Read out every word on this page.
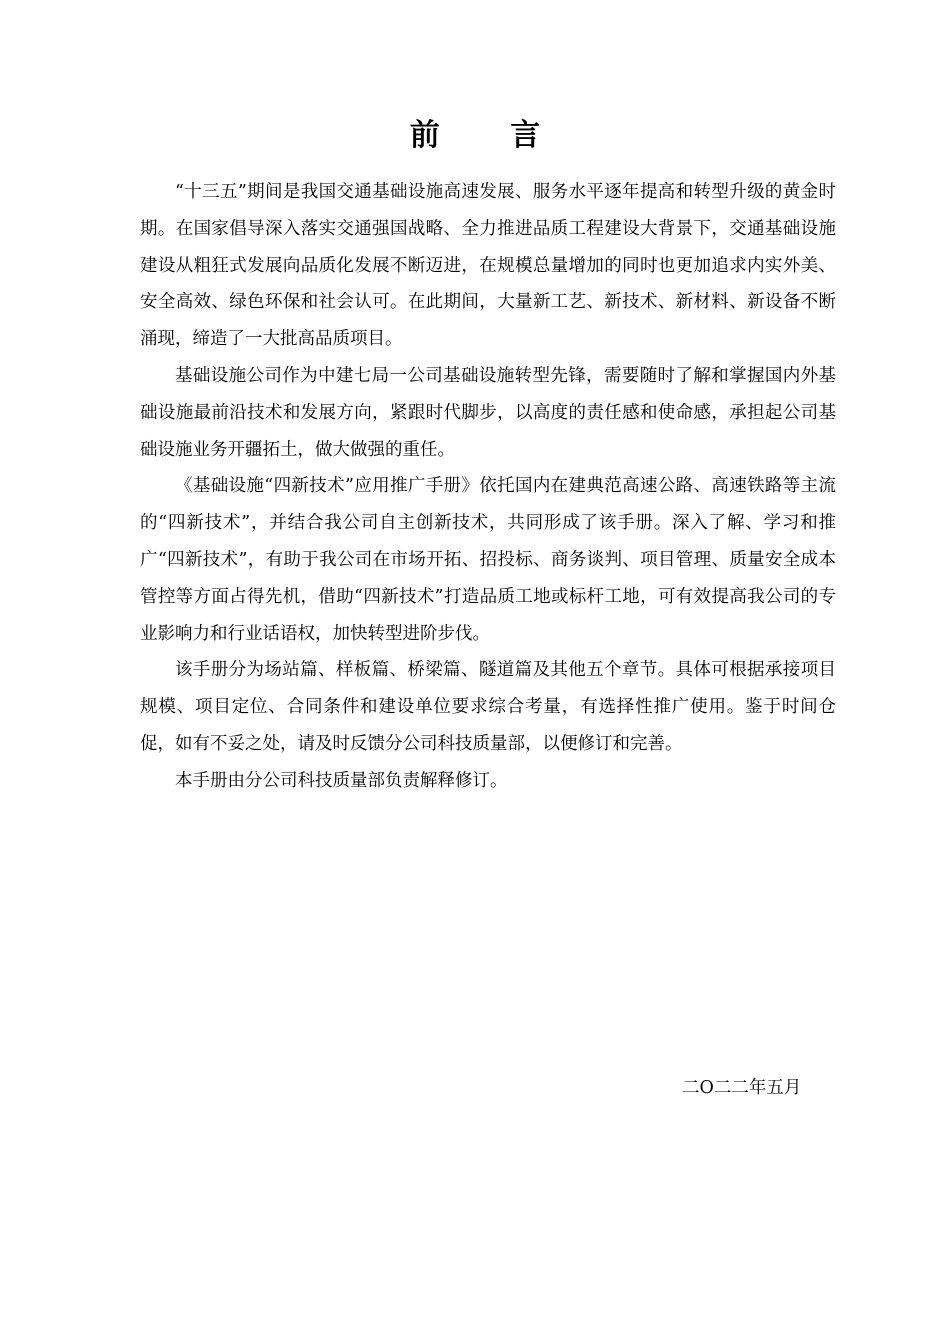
前 言

“十三五”期间是我国交通基础设施高速发展、服务水平逐年提高和转型升级的黄金时期。在国家倡导深入落实交通强国战略、全力推进品质工程建设大背景下，交通基础设施建设从粗狂式发展向品质化发展不断迈进，在规模总量增加的同时也更加追求内实外美、安全高效、绿色环保和社会认可。在此期间，大量新工艺、新技术、新材料、新设备不断涌现，缔造了一大批高品质项目。

基础设施公司作为中建七局一公司基础设施转型先锋，需要随时了解和掌握国内外基础设施最前沿技术和发展方向，紧跟时代脚步，以高度的责任感和使命感，承担起公司基础设施业务开疆拓土，做大做强的重任。

《基础设施“四新技术”应用推广手册》依托国内在建典范高速公路、高速铁路等主流的“四新技术”，并结合我公司自主创新技术，共同形成了该手册。深入了解、学习和推广“四新技术”，有助于我公司在市场开拓、招投标、商务谈判、项目管理、质量安全成本管控等方面占得先机，借助“四新技术”打造品质工地或标杆工地，可有效提高我公司的专业影响力和行业话语权，加快转型进阶步伐。

该手册分为场站篇、样板篇、桥梁篇、隧道篇及其他五个章节。具体可根据承接项目规模、项目定位、合同条件和建设单位要求综合考量，有选择性推广使用。鉴于时间仓促，如有不妥之处，请及时反馈分公司科技质量部，以便修订和完善。

本手册由分公司科技质量部负责解释修订。

二O二二年五月
